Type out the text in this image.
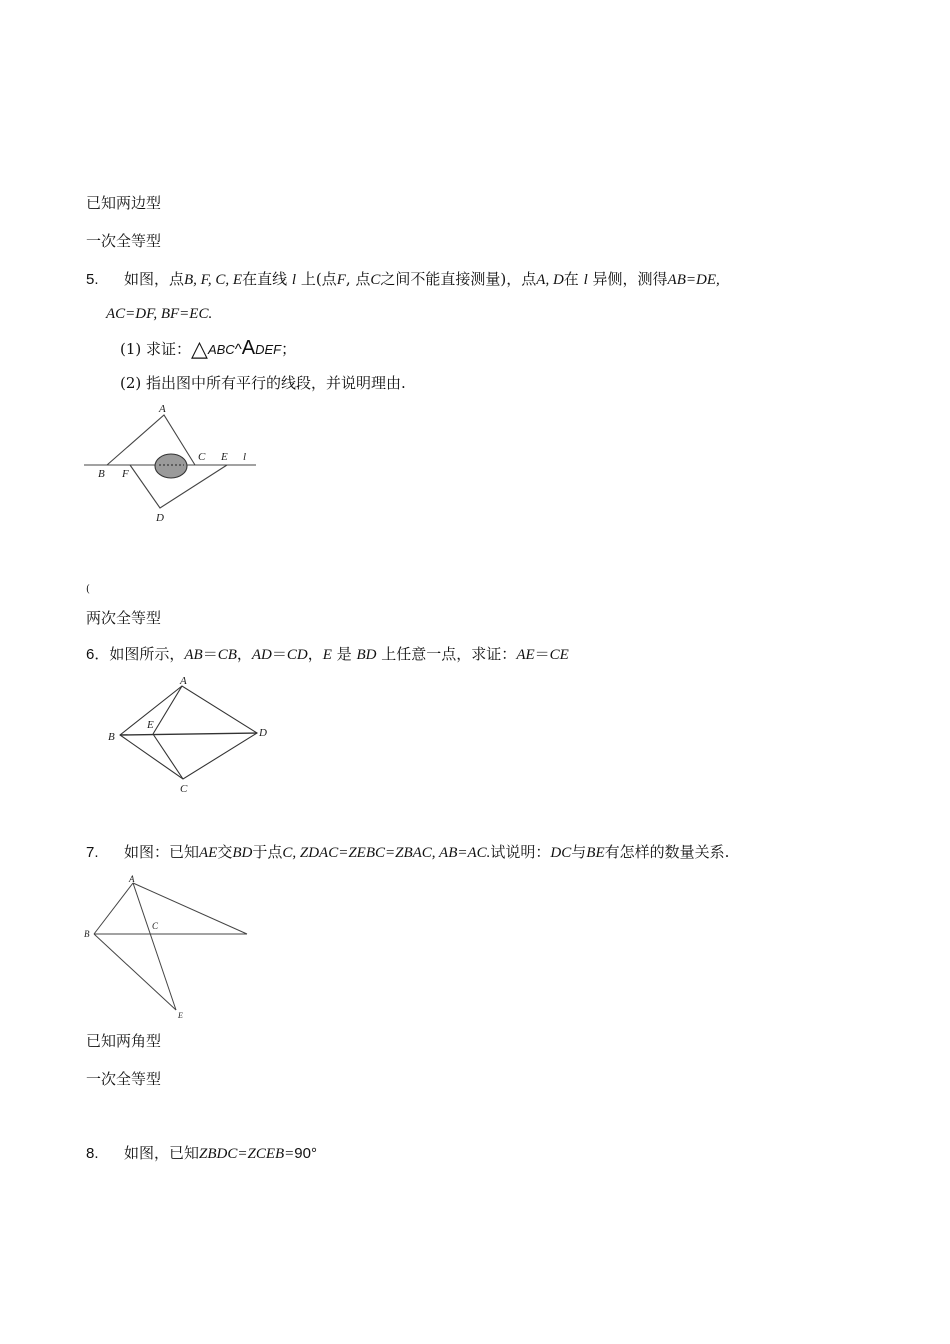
已知两边型
一次全等型
5. 如图，点B, F, C, E在直线 l 上(点F, 点C之间不能直接测量)，点A, D在 l 异侧，测得AB=DE,
AC=DF, BF=EC.
(1) 求证：△ABC^ADEF；
(2) 指出图中所有平行的线段，并说明理由.
(
两次全等型
6．如图所示，AB＝CB，AD＝CD，E 是 BD 上任意一点，求证：AE＝CE
7. 如图：已知AE交BD于点C, ZDAC=ZEBC=ZBAC, AB=AC.试说明：DC与BE有怎样的数量关系.
已知两角型
一次全等型
8. 如图，已知ZBDC=ZCEB=90°
A
B F
C E l
D
A
B
E
D
C
A
B
C
E
